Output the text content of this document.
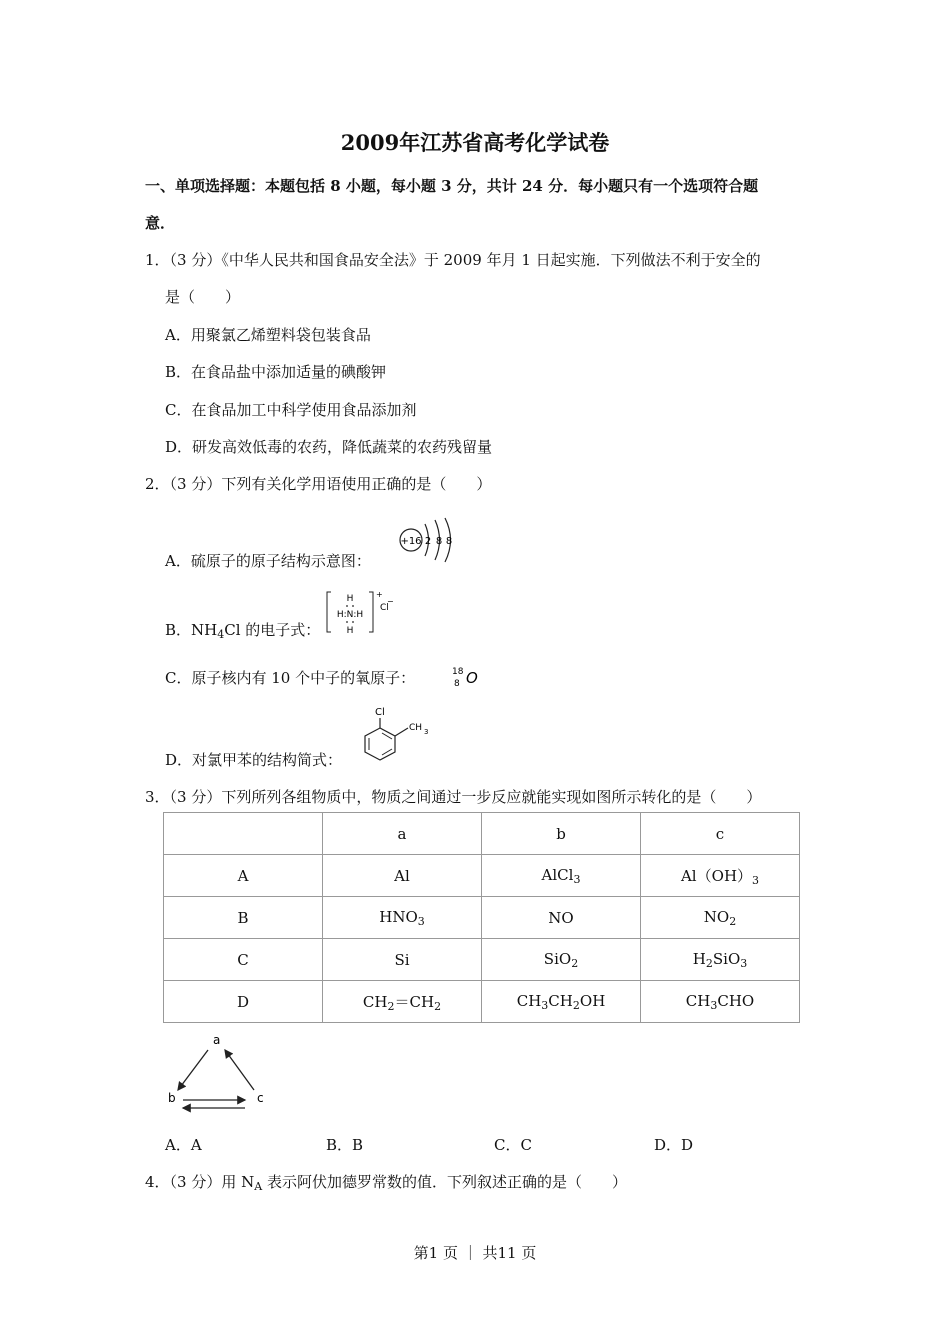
2009年江苏省高考化学试卷
一、单项选择题：本题包括 8 小题，每小题 3 分，共计 24 分．每小题只有一个选项符合题
意．
1．（3 分）《中华人民共和国食品安全法》于 2009 年月 1 日起实施．下列做法不利于安全的
是（　　）
A．用聚氯乙烯塑料袋包装食品
B．在食品盐中添加适量的碘酸钾
C．在食品加工中科学使用食品添加剂
D．研发高效低毒的农药，降低蔬菜的农药残留量
2．（3 分）下列有关化学用语使用正确的是（　　）
A．硫原子的原子结构示意图：
+16 2 8 8
B．$NH_4Cl$ 的电子式：
H
H:N:H
H
+
Cl
−
C．原子核内有 10 个中子的氧原子：	18
8 O
D．对氯甲苯的结构简式：
Cl
CH 3
3．（3 分）下列所列各组物质中，物质之间通过一步反应就能实现如图所示转化的是（　　）
	a	b	c
A	Al	AlCl$_3$	$Al(OH)_3$
B	$HNO_3$	NO	$NO_2$
C	Si	SiO$_2$	$H_2SiO_3$
D	$CH_2=CH_2$	$CH_3CH_2OH$	$CH_3CHO$
a
b	c
A．A	B．B	C．C	D．D
4．（3 分）用 $N_A$ 表示阿伏加德罗常数的值．下列叙述正确的是（　　）
第1 页 ｜ 共11 页
